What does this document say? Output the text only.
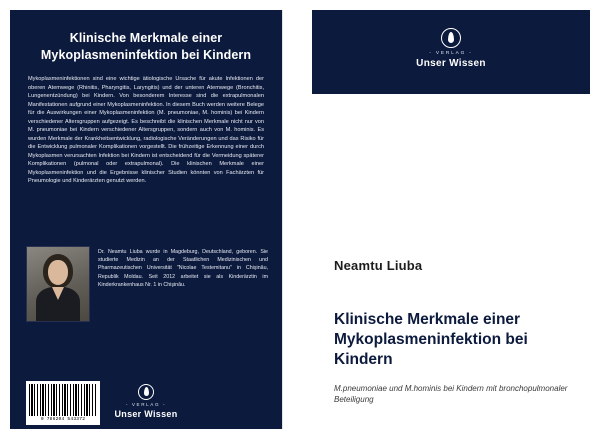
Klinische Merkmale einer Mykoplasmeninfektion bei Kindern
Mykoplasmeninfektionen sind eine wichtige ätiologische Ursache für akute Infektionen der oberen Atemwege (Rhinitis, Pharyngitis, Laryngitis) und der unteren Atemwege (Bronchitis, Lungenentzündung) bei Kindern. Von besonderem Interesse sind die extrapulmonalen Manifestationen aufgrund einer Mykoplasmeninfektion. In diesem Buch werden weitere Belege für die Auswirkungen einer Mykoplasmeninfektion (M. pneumoniae, M. hominis) bei Kindern verschiedener Altersgruppen aufgezeigt. Es beschreibt die klinischen Merkmale nicht nur von M. pneumoniae bei Kindern verschiedener Altersgruppen, sondern auch von M. hominis. Es wurden Merkmale der Krankheitsentwicklung, radiologische Veränderungen und das Risiko für die Entwicklung pulmonaler Komplikationen vorgestellt. Die frühzeitige Erkennung einer durch Mykoplasmen verursachten Infektion bei Kindern ist entscheidend für die Vermeidung späterer Komplikationen (pulmonal oder extrapulmonal). Die klinischen Merkmale einer Mykoplasmeninfektion und die Ergebnisse klinischer Studien könnten von Fachärzten für Pneumologie und Kinderärzten genutzt werden.
Dr. Neamtu Liuba wurde in Magdeburg, Deutschland, geboren. Sie studierte Medizin an der Staatlichen Medizinischen und Pharmazeutischen Universität "Nicolae Testemitanu" in Chişinău, Republik Moldau. Seit 2012 arbeitet sie als Kinderärztin im Kinderkrankenhaus Nr. 1 in Chişinău.
- VERLAG -
Unser Wissen
9 786204 543372
- VERLAG -
Unser Wissen
Neamtu Liuba
Klinische Merkmale einer Mykoplasmeninfektion bei Kindern
M.pneumoniae und M.hominis bei Kindern mit bronchopulmonaler Beteiligung
